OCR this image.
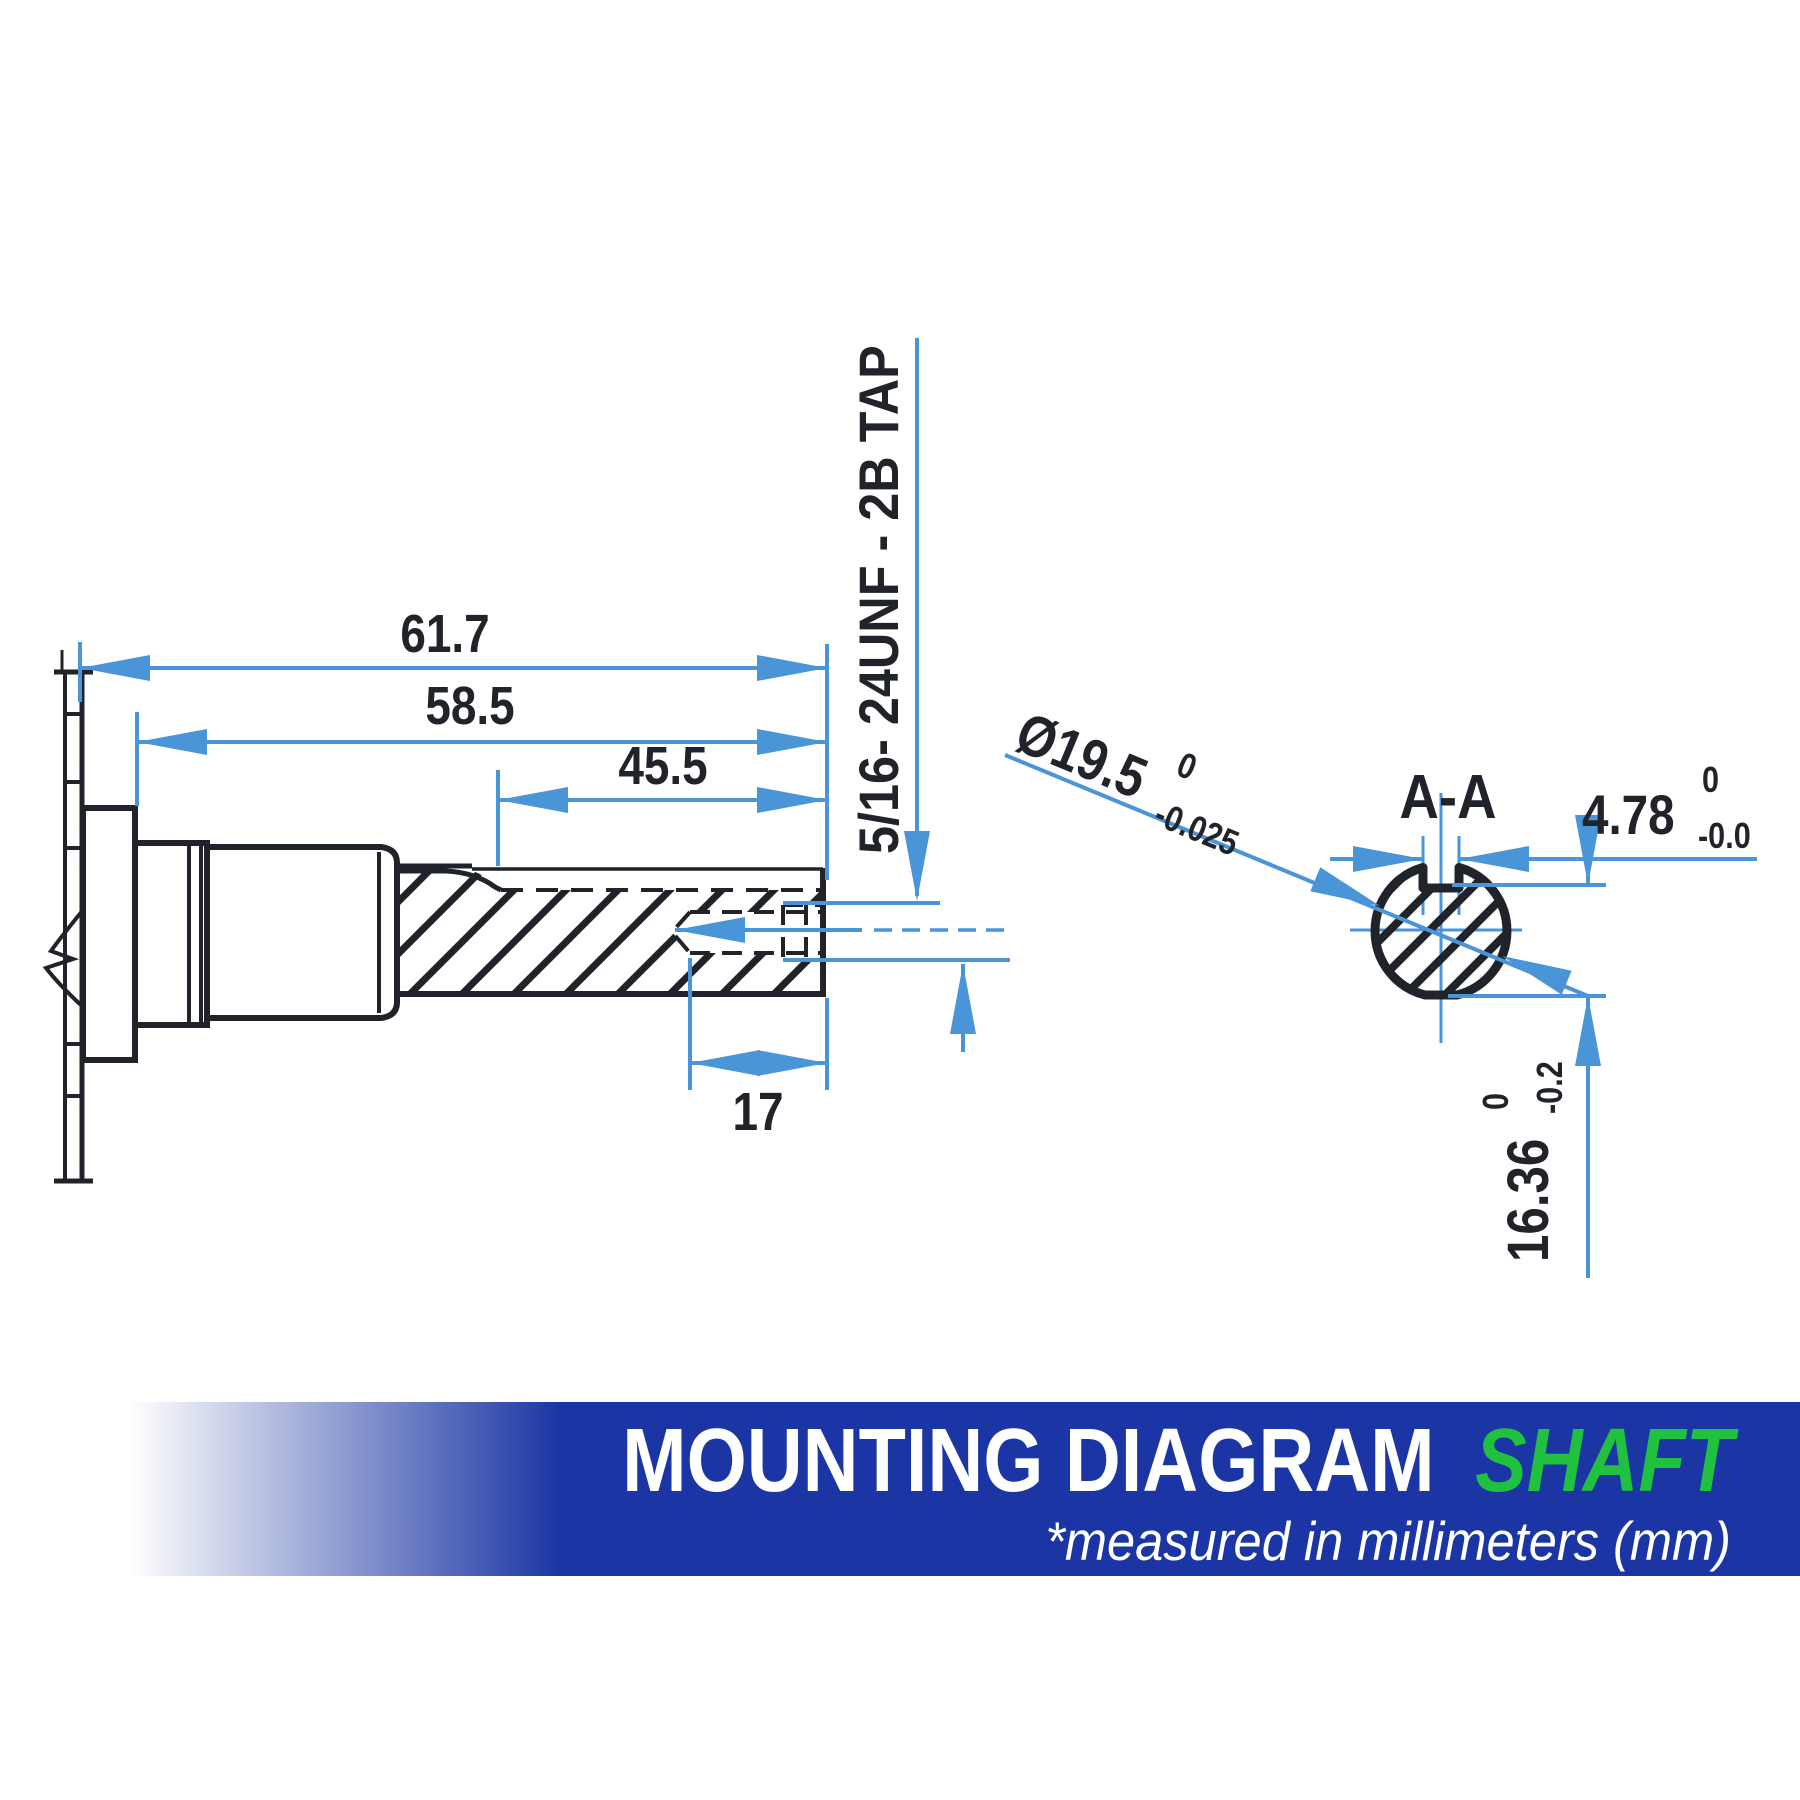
61.7
58.5
45.5
17
5/16- 24UNF - 2B TAP	A-A
Ø19.5 0
-0.025	4.78
0
-0.0
16.36
0 -0.2
MOUNTING DIAGRAM SHAFT
*measured in millimeters (mm)
